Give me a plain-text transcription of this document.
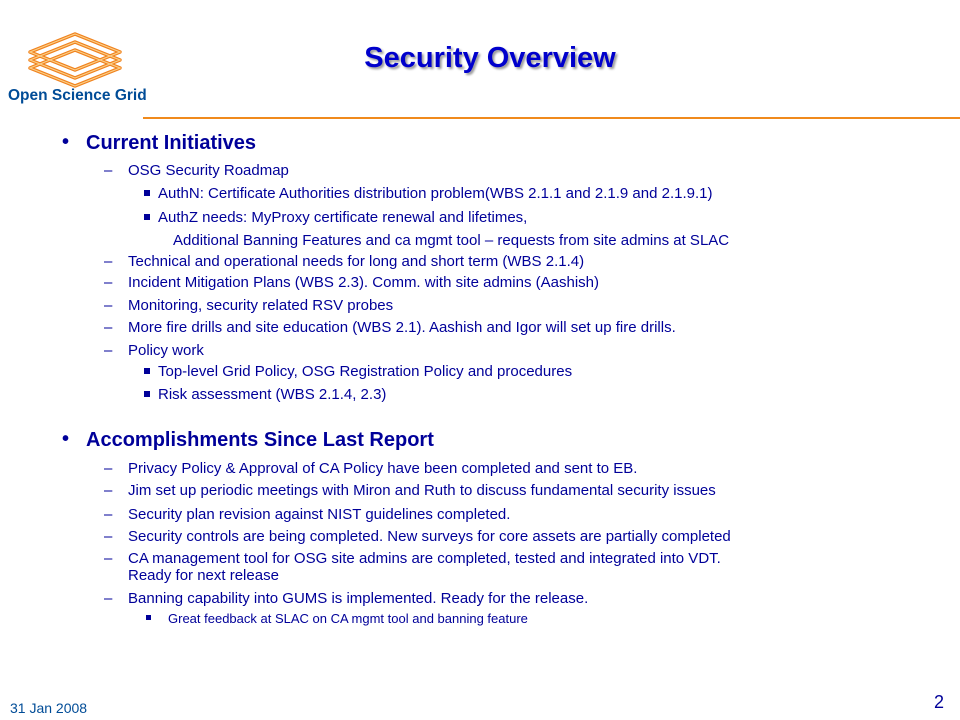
Open Science Grid
Security Overview
• Current Initiatives
– OSG Security Roadmap
AuthN: Certificate Authorities distribution problem(WBS 2.1.1 and 2.1.9 and 2.1.9.1)
AuthZ needs: MyProxy certificate renewal and lifetimes,
Additional Banning Features and ca mgmt tool – requests from site admins at SLAC
– Technical and operational needs for long and short term (WBS 2.1.4)
– Incident Mitigation Plans (WBS 2.3). Comm. with site admins (Aashish)
– Monitoring, security related RSV probes
– More fire drills and site education (WBS 2.1). Aashish and Igor will set up fire drills.
– Policy work
Top-level Grid Policy, OSG Registration Policy and procedures
Risk assessment (WBS 2.1.4, 2.3)
• Accomplishments Since Last Report
– Privacy Policy & Approval of CA Policy have been completed and sent to EB.
– Jim set up periodic meetings with Miron and Ruth to discuss fundamental security issues
– Security plan revision against NIST guidelines completed.
– Security controls are being completed. New surveys for core assets are partially completed
– CA management tool for OSG site admins are completed, tested and integrated into VDT.
Ready for next release
– Banning capability into GUMS is implemented. Ready for the release.
Great feedback at SLAC on CA mgmt tool and banning feature
31 Jan 2008	2
